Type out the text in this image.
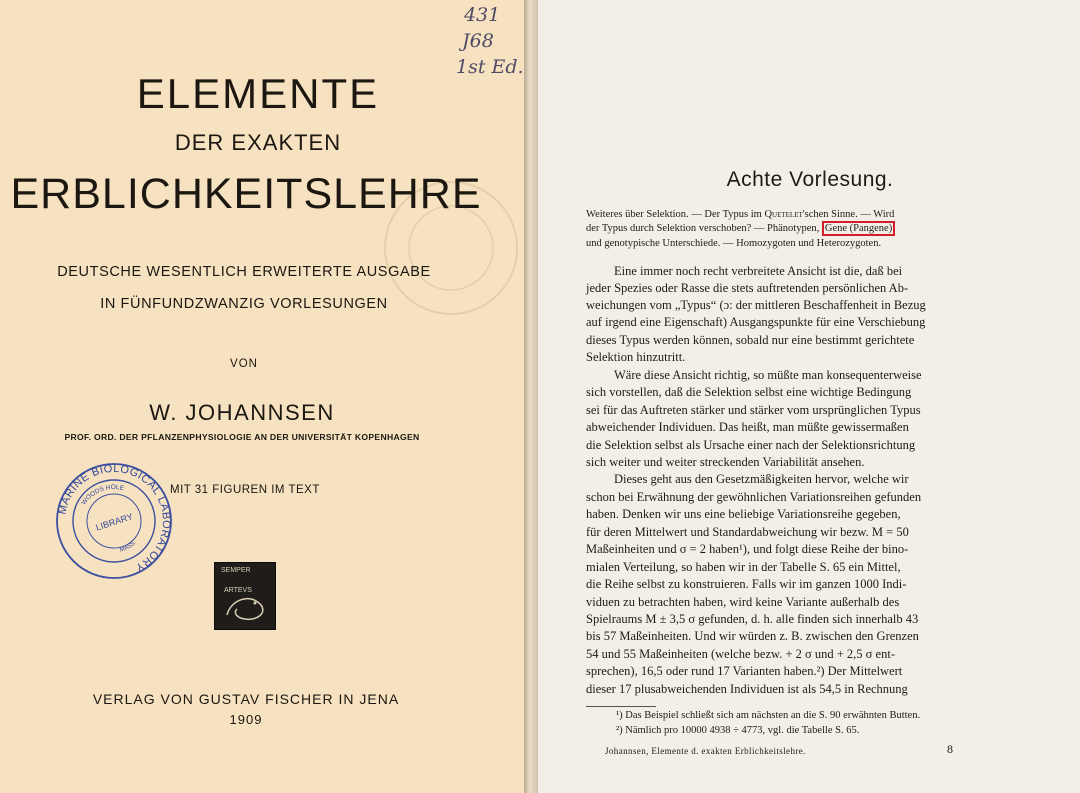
431
J68
1st Ed.
ELEMENTE
DER EXAKTEN
ERBLICHKEITSLEHRE
DEUTSCHE WESENTLICH ERWEITERTE AUSGABE
IN FÜNFUNDZWANZIG VORLESUNGEN
VON
W. JOHANNSEN
PROF. ORD. DER PFLANZENPHYSIOLOGIE AN DER UNIVERSITÄT KOPENHAGEN
MARINE BIOLOGICAL LABORATORY
WOODS HOLE
LIBRARY
MASS.
MIT 31 FIGUREN IM TEXT
SEMPER
ARTEVS
VERLAG VON GUSTAV FISCHER IN JENA
1909
Achte Vorlesung.
Weiteres über Selektion. — Der Typus im Quetelet'schen Sinne. — Wird
der Typus durch Selektion verschoben? — Phänotypen, Gene (Pangene)
und genotypische Unterschiede. — Homozygoten und Heterozygoten.
Eine immer noch recht verbreitete Ansicht ist die, daß bei
jeder Spezies oder Rasse die stets auftretenden persönlichen Ab-
weichungen vom „Typus“ (ɔ: der mittleren Beschaffenheit in Bezug
auf irgend eine Eigenschaft) Ausgangspunkte für eine Verschiebung
dieses Typus werden können, sobald nur eine bestimmt gerichtete
Selektion hinzutritt.
Wäre diese Ansicht richtig, so müßte man konsequenterweise
sich vorstellen, daß die Selektion selbst eine wichtige Bedingung
sei für das Auftreten stärker und stärker vom ursprünglichen Typus
abweichender Individuen. Das heißt, man müßte gewissermaßen
die Selektion selbst als Ursache einer nach der Selektionsrichtung
sich weiter und weiter streckenden Variabilität ansehen.
Dieses geht aus den Gesetzmäßigkeiten hervor, welche wir
schon bei Erwähnung der gewöhnlichen Variationsreihen gefunden
haben. Denken wir uns eine beliebige Variationsreihe gegeben,
für deren Mittelwert und Standardabweichung wir bezw. M = 50
Maßeinheiten und σ = 2 haben¹), und folgt diese Reihe der bino-
mialen Verteilung, so haben wir in der Tabelle S. 65 ein Mittel,
die Reihe selbst zu konstruieren. Falls wir im ganzen 1000 Indi-
viduen zu betrachten haben, wird keine Variante außerhalb des
Spielraums M ± 3,5 σ gefunden, d. h. alle finden sich innerhalb 43
bis 57 Maßeinheiten. Und wir würden z. B. zwischen den Grenzen
54 und 55 Maßeinheiten (welche bezw. + 2 σ und + 2,5 σ ent-
sprechen), 16,5 oder rund 17 Varianten haben.²) Der Mittelwert
dieser 17 plusabweichenden Individuen ist als 54,5 in Rechnung
¹) Das Beispiel schließt sich am nächsten an die S. 90 erwähnten Butten.
²) Nämlich pro 10000 4938 ÷ 4773, vgl. die Tabelle S. 65.
Johannsen, Elemente d. exakten Erblichkeitslehre.	8
